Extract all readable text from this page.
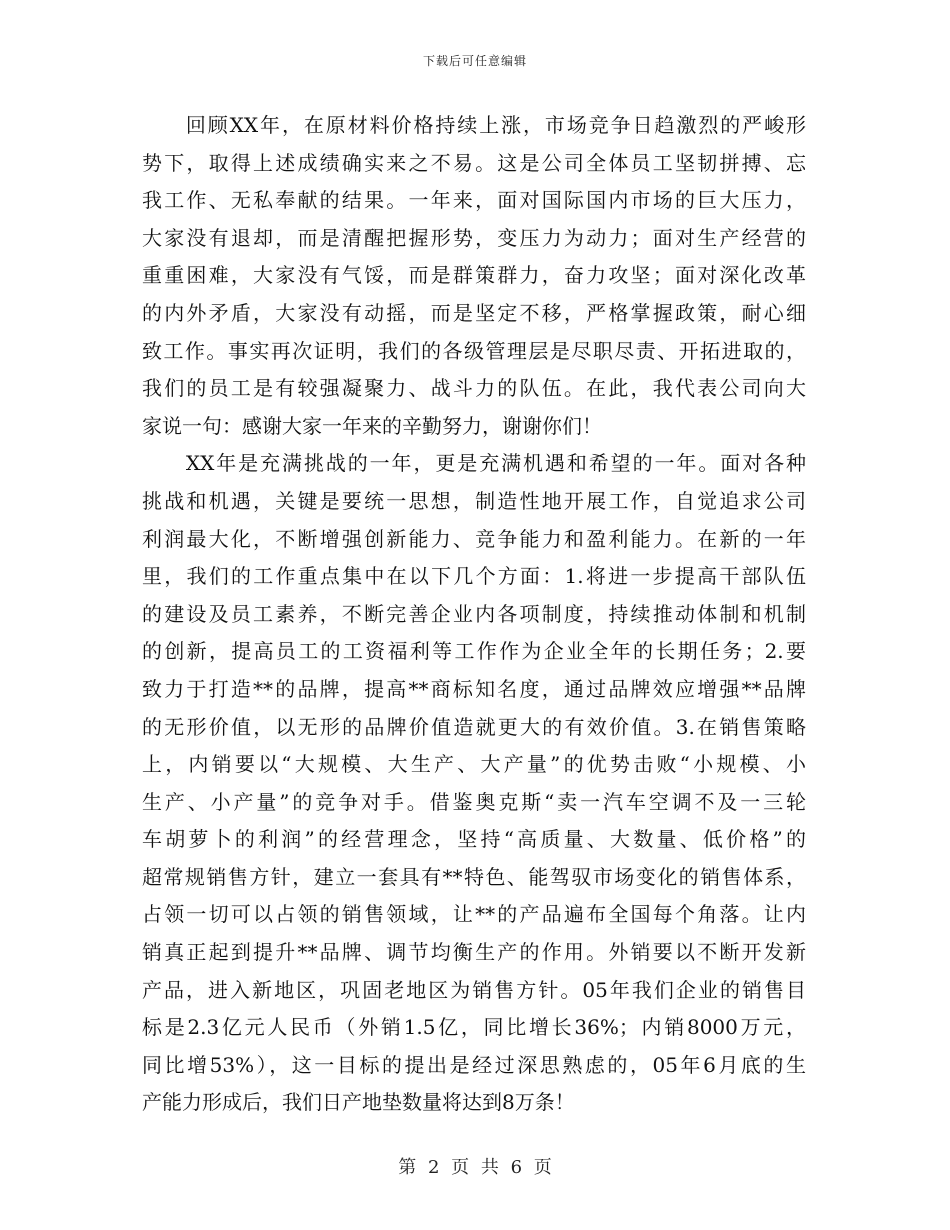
下载后可任意编辑
　　回顾XX年，在原材料价格持续上涨，市场竞争日趋激烈的严峻形
势下，取得上述成绩确实来之不易。这是公司全体员工坚韧拼搏、忘
我工作、无私奉献的结果。一年来，面对国际国内市场的巨大压力，
大家没有退却，而是清醒把握形势，变压力为动力；面对生产经营的
重重困难，大家没有气馁，而是群策群力，奋力攻坚；面对深化改革
的内外矛盾，大家没有动摇，而是坚定不移，严格掌握政策，耐心细
致工作。事实再次证明，我们的各级管理层是尽职尽责、开拓进取的，
我们的员工是有较强凝聚力、战斗力的队伍。在此，我代表公司向大
家说一句：感谢大家一年来的辛勤努力，谢谢你们！
　　XX年是充满挑战的一年，更是充满机遇和希望的一年。面对各种
挑战和机遇，关键是要统一思想，制造性地开展工作，自觉追求公司
利润最大化，不断增强创新能力、竞争能力和盈利能力。在新的一年
里，我们的工作重点集中在以下几个方面：1.将进一步提高干部队伍
的建设及员工素养，不断完善企业内各项制度，持续推动体制和机制
的创新，提高员工的工资福利等工作作为企业全年的长期任务；2.要
致力于打造**的品牌，提高**商标知名度，通过品牌效应增强**品牌
的无形价值，以无形的品牌价值造就更大的有效价值。3.在销售策略
上，内销要以“大规模、大生产、大产量”的优势击败“小规模、小
生产、小产量”的竞争对手。借鉴奥克斯“卖一汽车空调不及一三轮
车胡萝卜的利润”的经营理念，坚持“高质量、大数量、低价格”的
超常规销售方针，建立一套具有**特色、能驾驭市场变化的销售体系，
占领一切可以占领的销售领域，让**的产品遍布全国每个角落。让内
销真正起到提升**品牌、调节均衡生产的作用。外销要以不断开发新
产品，进入新地区，巩固老地区为销售方针。05年我们企业的销售目
标是2.3亿元人民币（外销1.5亿，同比增长36%；内销8000万元，
同比增53%），这一目标的提出是经过深思熟虑的，05年6月底的生
产能力形成后，我们日产地垫数量将达到8万条！
第 2 页 共 6 页
